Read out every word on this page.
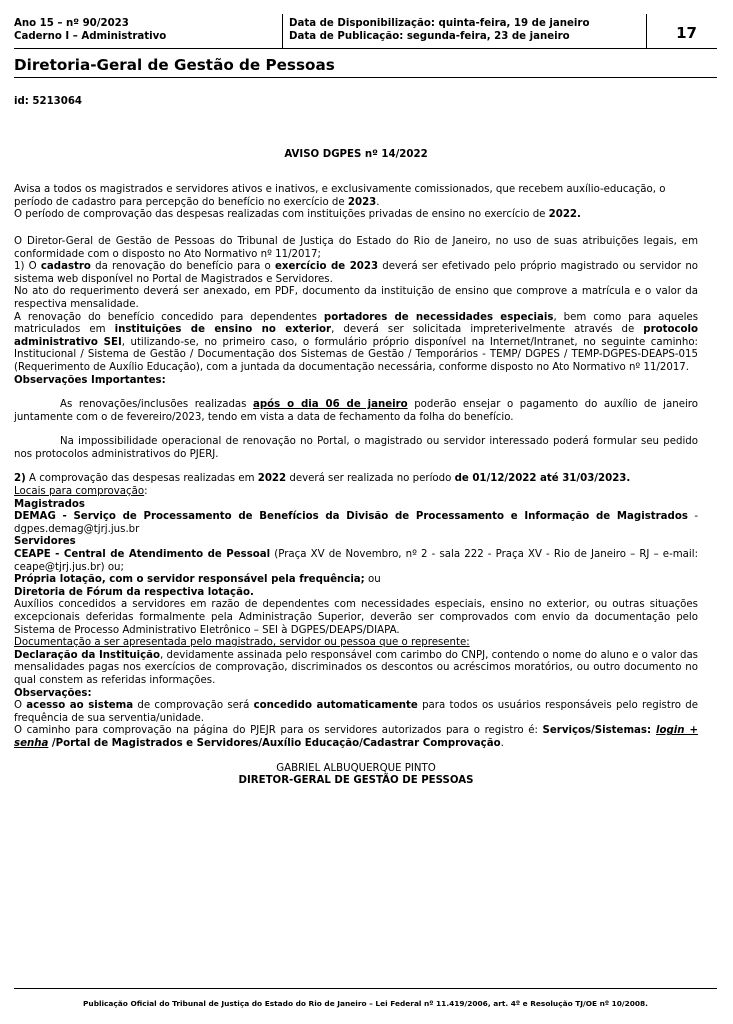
Ano 15 – nº 90/2023
Caderno I – Administrativo
Data de Disponibilização: quinta-feira, 19 de janeiro
Data de Publicação: segunda-feira, 23 de janeiro	17
Diretoria-Geral de Gestão de Pessoas

id: 5213064

AVISO DGPES nº 14/2022

Avisa a todos os magistrados e servidores ativos e inativos, e exclusivamente comissionados, que recebem auxílio-educação, o período de cadastro para percepção do benefício no exercício de 2023.

O período de comprovação das despesas realizadas com instituições privadas de ensino no exercício de 2022.

O Diretor-Geral de Gestão de Pessoas do Tribunal de Justiça do Estado do Rio de Janeiro, no uso de suas atribuições legais, em conformidade com o disposto no Ato Normativo nº 11/2017;

1) O cadastro da renovação do benefício para o exercício de 2023 deverá ser efetivado pelo próprio magistrado ou servidor no sistema web disponível no Portal de Magistrados e Servidores.

No ato do requerimento deverá ser anexado, em PDF, documento da instituição de ensino que comprove a matrícula e o valor da respectiva mensalidade.

A renovação do benefício concedido para dependentes portadores de necessidades especiais, bem como para aqueles matriculados em instituições de ensino no exterior, deverá ser solicitada impreterivelmente através de protocolo administrativo SEI, utilizando-se, no primeiro caso, o formulário próprio disponível na Internet/Intranet, no seguinte caminho: Institucional / Sistema de Gestão / Documentação dos Sistemas de Gestão / Temporários - TEMP/ DGPES / TEMP-DGPES-DEAPS-015 (Requerimento de Auxílio Educação), com a juntada da documentação necessária, conforme disposto no Ato Normativo nº 11/2017.

Observações Importantes:

As renovações/inclusões realizadas após o dia 06 de janeiro poderão ensejar o pagamento do auxílio de janeiro juntamente com o de fevereiro/2023, tendo em vista a data de fechamento da folha do benefício.

Na impossibilidade operacional de renovação no Portal, o magistrado ou servidor interessado poderá formular seu pedido nos protocolos administrativos do PJERJ.

2) A comprovação das despesas realizadas em 2022 deverá ser realizada no período de 01/12/2022 até 31/03/2023.

Locais para comprovação:

Magistrados

DEMAG - Serviço de Processamento de Benefícios da Divisão de Processamento e Informação de Magistrados - dgpes.demag@tjrj.jus.br

Servidores

CEAPE - Central de Atendimento de Pessoal (Praça XV de Novembro, nº 2 - sala 222 - Praça XV - Rio de Janeiro – RJ – e-mail: ceape@tjrj.jus.br) ou;

Própria lotação, com o servidor responsável pela frequência; ou

Diretoria de Fórum da respectiva lotação.

Auxílios concedidos a servidores em razão de dependentes com necessidades especiais, ensino no exterior, ou outras situações excepcionais deferidas formalmente pela Administração Superior, deverão ser comprovados com envio da documentação pelo Sistema de Processo Administrativo Eletrônico – SEI à DGPES/DEAPS/DIAPA.

Documentação a ser apresentada pelo magistrado, servidor ou pessoa que o represente:

Declaração da Instituição, devidamente assinada pelo responsável com carimbo do CNPJ, contendo o nome do aluno e o valor das mensalidades pagas nos exercícios de comprovação, discriminados os descontos ou acréscimos moratórios, ou outro documento no qual constem as referidas informações.

Observações:

O acesso ao sistema de comprovação será concedido automaticamente para todos os usuários responsáveis pelo registro de frequência de sua serventia/unidade.

O caminho para comprovação na página do PJEJR para os servidores autorizados para o registro é: Serviços/Sistemas: login + senha /Portal de Magistrados e Servidores/Auxílio Educação/Cadastrar Comprovação.

GABRIEL ALBUQUERQUE PINTO

DIRETOR-GERAL DE GESTÃO DE PESSOAS

Publicação Oficial do Tribunal de Justiça do Estado do Rio de Janeiro – Lei Federal nº 11.419/2006, art. 4º e Resolução TJ/OE nº 10/2008.
